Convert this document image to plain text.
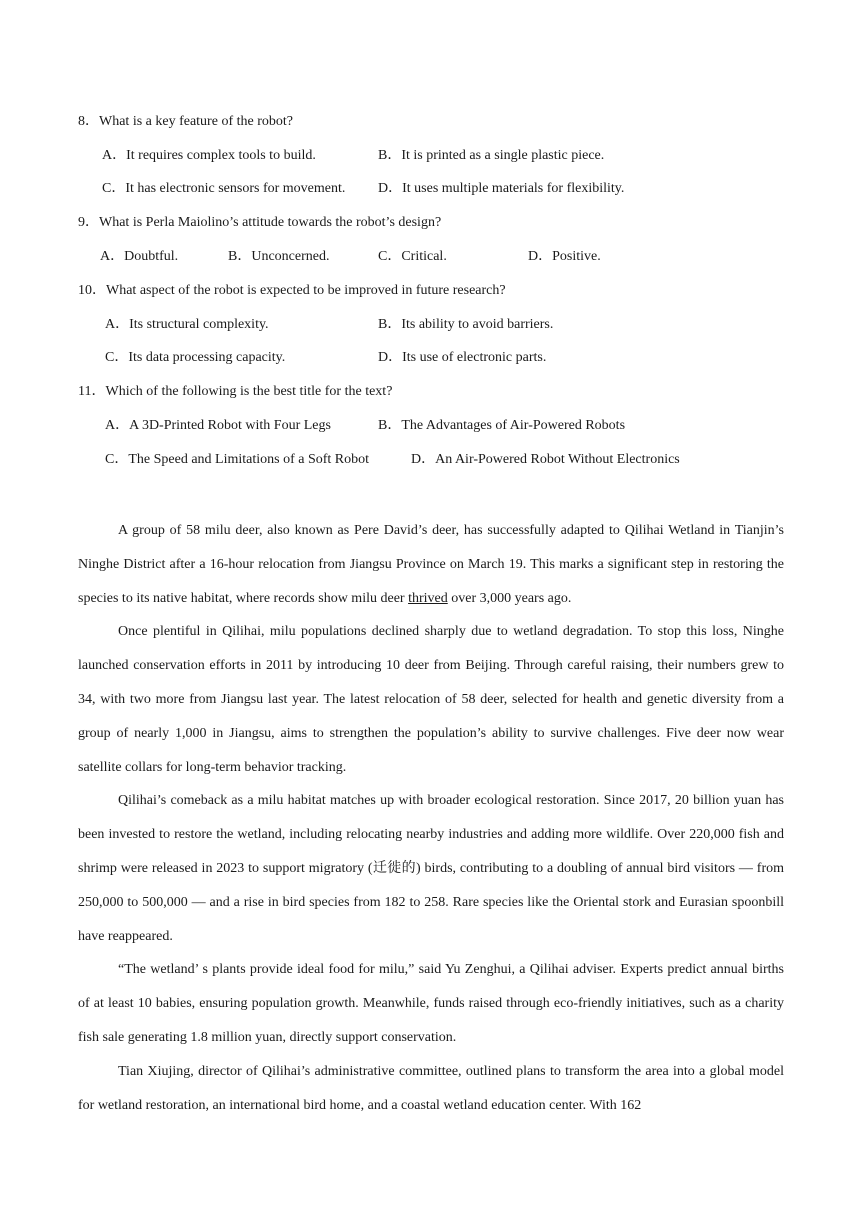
8．What is a key feature of the robot?
A．It requires complex tools to build.	B．It is printed as a single plastic piece.
C．It has electronic sensors for movement. D．It uses multiple materials for flexibility.
9．What is Perla Maiolino’s attitude towards the robot’s design?
A．Doubtful.	B．Unconcerned.	C．Critical.	D．Positive.
10．What aspect of the robot is expected to be improved in future research?
A．Its structural complexity.	B．Its ability to avoid barriers.
C．Its data processing capacity.	D．Its use of electronic parts.
11．Which of the following is the best title for the text?
A．A 3D-Printed Robot with Four Legs	B．The Advantages of Air-Powered Robots
C．The Speed and Limitations of a Soft Robot	D．An Air-Powered Robot Without Electronics

A group of 58 milu deer, also known as Pere David’s deer, has successfully adapted to Qilihai Wetland in Tianjin’s Ninghe District after a 16-hour relocation from Jiangsu Province on March 19. This marks a significant step in restoring the species to its native habitat, where records show milu deer thrived over 3,000 years ago.

Once plentiful in Qilihai, milu populations declined sharply due to wetland degradation. To stop this loss, Ninghe launched conservation efforts in 2011 by introducing 10 deer from Beijing. Through careful raising, their numbers grew to 34, with two more from Jiangsu last year. The latest relocation of 58 deer, selected for health and genetic diversity from a group of nearly 1,000 in Jiangsu, aims to strengthen the population’s ability to survive challenges. Five deer now wear satellite collars for long-term behavior tracking.

Qilihai’s comeback as a milu habitat matches up with broader ecological restoration. Since 2017, 20 billion yuan has been invested to restore the wetland, including relocating nearby industries and adding more wildlife. Over 220,000 fish and shrimp were released in 2023 to support migratory (迁徙的) birds, contributing to a doubling of annual bird visitors — from 250,000 to 500,000 — and a rise in bird species from 182 to 258. Rare species like the Oriental stork and Eurasian spoonbill have reappeared.

“The wetland’ s plants provide ideal food for milu,” said Yu Zenghui, a Qilihai adviser. Experts predict annual births of at least 10 babies, ensuring population growth. Meanwhile, funds raised through eco-friendly initiatives, such as a charity fish sale generating 1.8 million yuan, directly support conservation.

Tian Xiujing, director of Qilihai’s administrative committee, outlined plans to transform the area into a global model for wetland restoration, an international bird home, and a coastal wetland education center. With 162
